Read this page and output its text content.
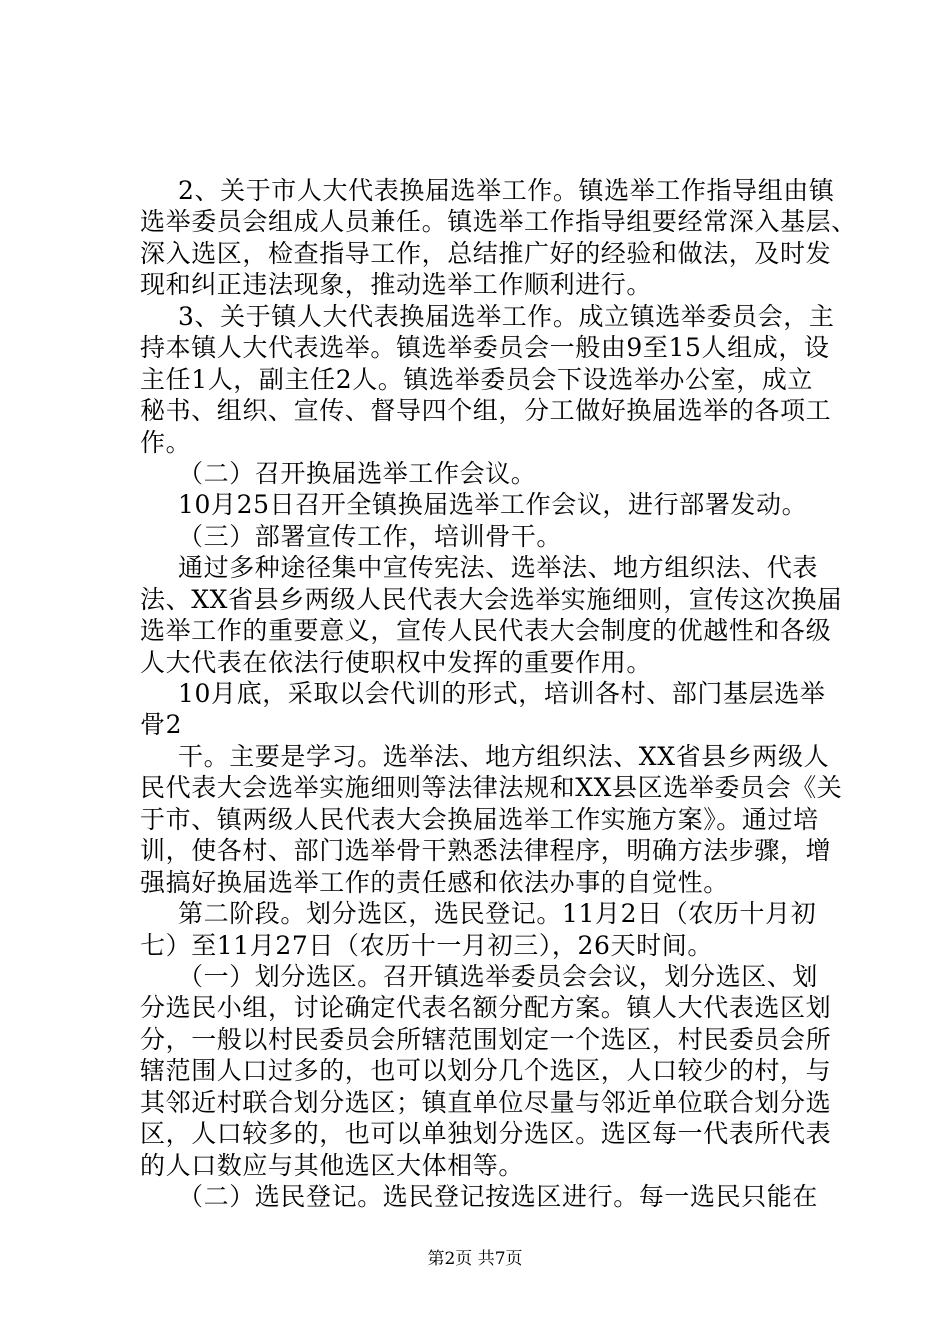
2、关于市人大代表换届选举工作。镇选举工作指导组由镇
选举委员会组成人员兼任。镇选举工作指导组要经常深入基层、
深入选区，检查指导工作，总结推广好的经验和做法，及时发
现和纠正违法现象，推动选举工作顺利进行。
3、关于镇人大代表换届选举工作。成立镇选举委员会，主
持本镇人大代表选举。镇选举委员会一般由9至15人组成，设
主任1人，副主任2人。镇选举委员会下设选举办公室，成立
秘书、组织、宣传、督导四个组，分工做好换届选举的各项工
作。
（二）召开换届选举工作会议。
10月25日召开全镇换届选举工作会议，进行部署发动。
（三）部署宣传工作，培训骨干。
通过多种途径集中宣传宪法、选举法、地方组织法、代表
法、XX省县乡两级人民代表大会选举实施细则，宣传这次换届
选举工作的重要意义，宣传人民代表大会制度的优越性和各级
人大代表在依法行使职权中发挥的重要作用。
10月底，采取以会代训的形式，培训各村、部门基层选举
骨2
干。主要是学习。选举法、地方组织法、XX省县乡两级人
民代表大会选举实施细则等法律法规和XX县区选举委员会《关
于市、镇两级人民代表大会换届选举工作实施方案》。通过培
训，使各村、部门选举骨干熟悉法律程序，明确方法步骤，增
强搞好换届选举工作的责任感和依法办事的自觉性。
第二阶段。划分选区，选民登记。11月2日（农历十月初
七）至11月27日（农历十一月初三），26天时间。
（一）划分选区。召开镇选举委员会会议，划分选区、划
分选民小组，讨论确定代表名额分配方案。镇人大代表选区划
分，一般以村民委员会所辖范围划定一个选区，村民委员会所
辖范围人口过多的，也可以划分几个选区，人口较少的村，与
其邻近村联合划分选区；镇直单位尽量与邻近单位联合划分选
区，人口较多的，也可以单独划分选区。选区每一代表所代表
的人口数应与其他选区大体相等。
（二）选民登记。选民登记按选区进行。每一选民只能在
第2页 共7页
